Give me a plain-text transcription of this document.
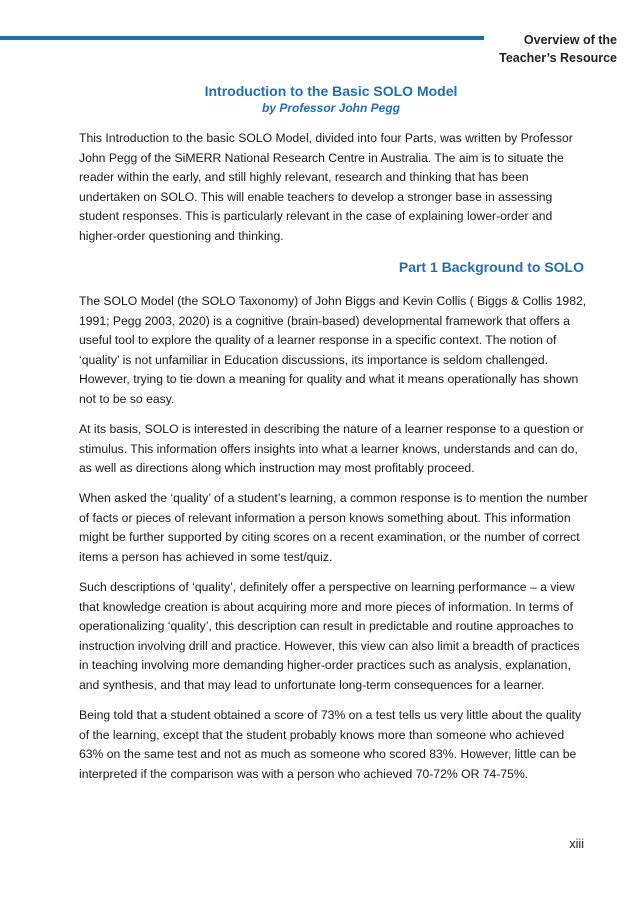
Overview of the
Teacher’s Resource
Introduction to the Basic SOLO Model
by Professor John Pegg

This Introduction to the basic SOLO Model, divided into four Parts, was written by Professor John Pegg of the SiMERR National Research Centre in Australia. The aim is to situate the reader within the early, and still highly relevant, research and thinking that has been undertaken on SOLO. This will enable teachers to develop a stronger base in assessing student responses. This is particularly relevant in the case of explaining lower-order and higher-order questioning and thinking.

Part 1 Background to SOLO

The SOLO Model (the SOLO Taxonomy) of John Biggs and Kevin Collis ( Biggs & Collis 1982, 1991; Pegg 2003, 2020) is a cognitive (brain-based) developmental framework that offers a useful tool to explore the quality of a learner response in a specific context. The notion of ‘quality’ is not unfamiliar in Education discussions, its importance is seldom challenged. However, trying to tie down a meaning for quality and what it means operationally has shown not to be so easy.

At its basis, SOLO is interested in describing the nature of a learner response to a question or stimulus. This information offers insights into what a learner knows, understands and can do, as well as directions along which instruction may most profitably proceed.

When asked the ‘quality’ of a student’s learning, a common response is to mention the number of facts or pieces of relevant information a person knows something about. This information might be further supported by citing scores on a recent examination, or the number of correct items a person has achieved in some test/quiz.

Such descriptions of ‘quality’, definitely offer a perspective on learning performance – a view that knowledge creation is about acquiring more and more pieces of information. In terms of operationalizing ‘quality’, this description can result in predictable and routine approaches to instruction involving drill and practice. However, this view can also limit a breadth of practices in teaching involving more demanding higher-order practices such as analysis, explanation, and synthesis, and that may lead to unfortunate long-term consequences for a learner.

Being told that a student obtained a score of 73% on a test tells us very little about the quality of the learning, except that the student probably knows more than someone who achieved 63% on the same test and not as much as someone who scored 83%. However, little can be interpreted if the comparison was with a person who achieved 70-72% OR 74-75%.

xiii
